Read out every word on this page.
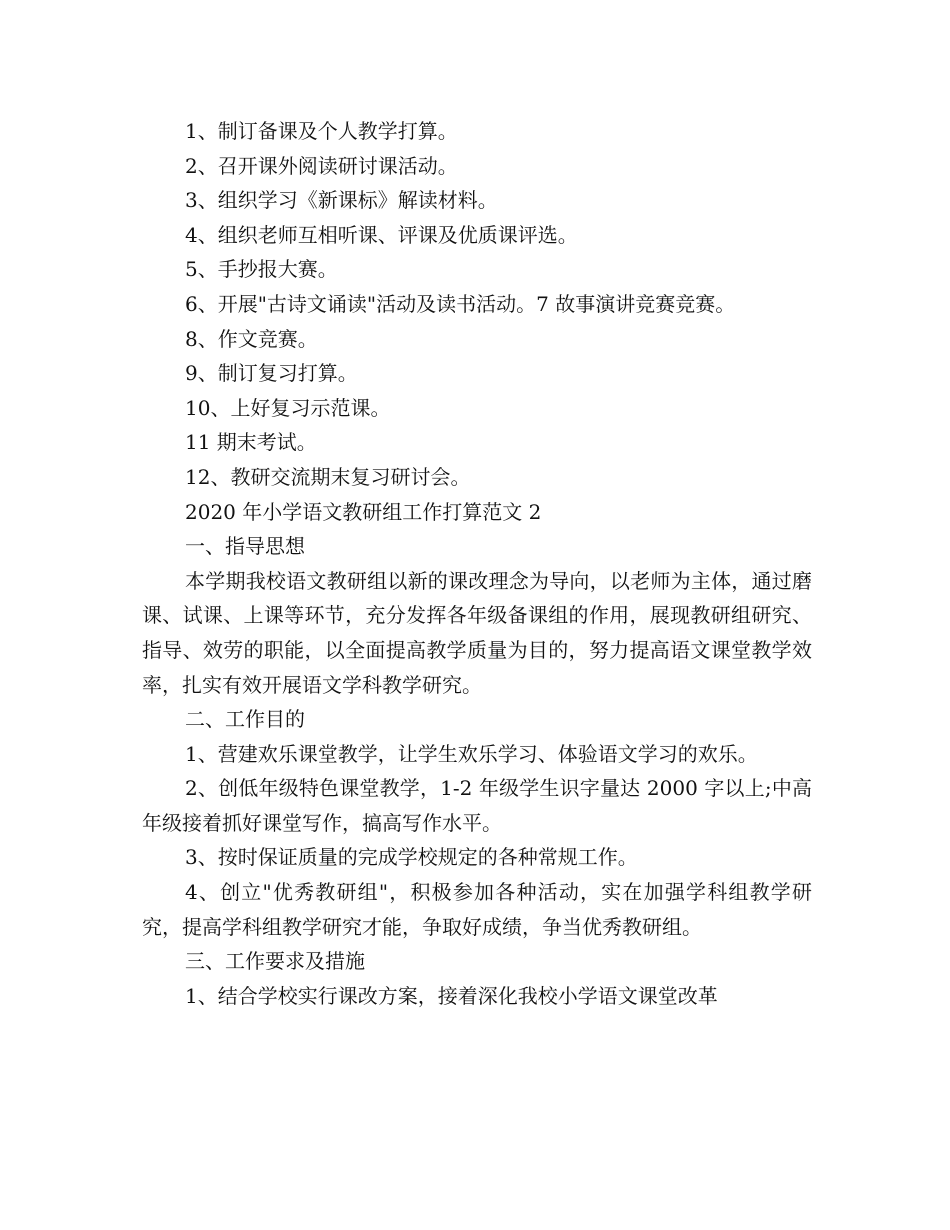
1、制订备课及个人教学打算。

2、召开课外阅读研讨课活动。

3、组织学习《新课标》解读材料。

4、组织老师互相听课、评课及优质课评选。

5、手抄报大赛。

6、开展"古诗文诵读"活动及读书活动。7 故事演讲竞赛竞赛。

8、作文竞赛。

9、制订复习打算。

10、上好复习示范课。

11 期末考试。

12、教研交流期末复习研讨会。

2020 年小学语文教研组工作打算范文 2

一、指导思想

本学期我校语文教研组以新的课改理念为导向，以老师为主体，通过磨课、试课、上课等环节，充分发挥各年级备课组的作用，展现教研组研究、指导、效劳的职能，以全面提高教学质量为目的，努力提高语文课堂教学效率，扎实有效开展语文学科教学研究。

二、工作目的

1、营建欢乐课堂教学，让学生欢乐学习、体验语文学习的欢乐。

2、创低年级特色课堂教学，1-2 年级学生识字量达 2000 字以上;中高年级接着抓好课堂写作，搞高写作水平。

3、按时保证质量的完成学校规定的各种常规工作。

4、创立"优秀教研组"，积极参加各种活动，实在加强学科组教学研究，提高学科组教学研究才能，争取好成绩，争当优秀教研组。

三、工作要求及措施

1、结合学校实行课改方案，接着深化我校小学语文课堂改革
